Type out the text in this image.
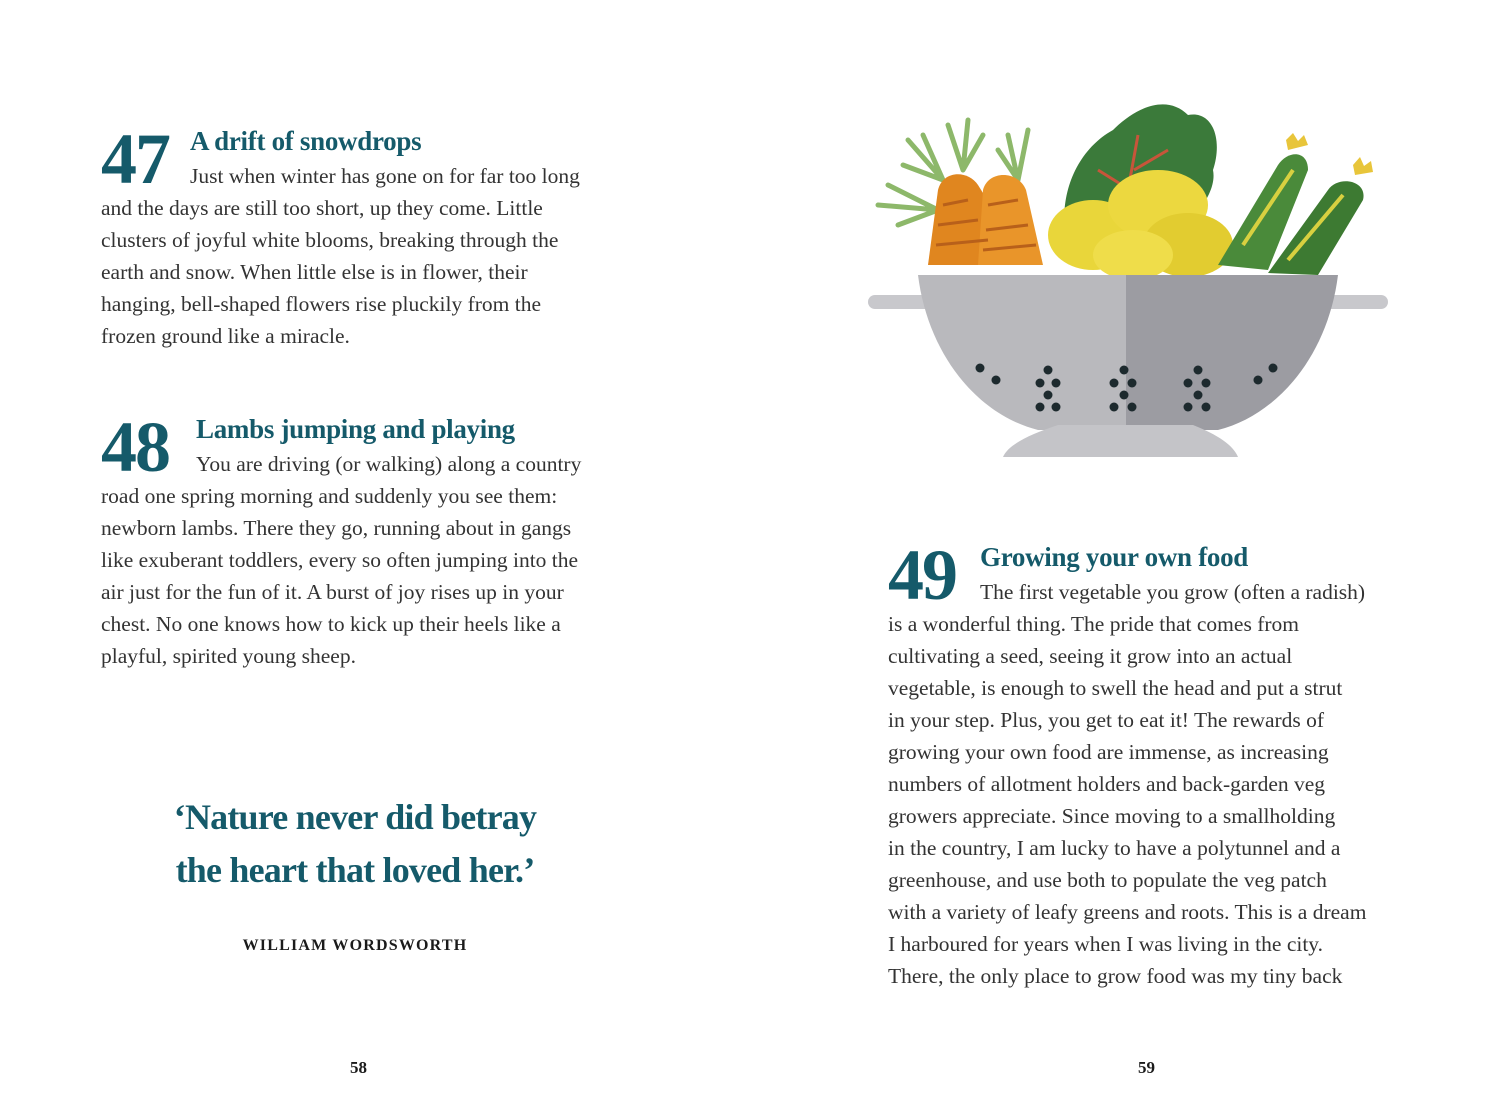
47 A drift of snowdrops
Just when winter has gone on for far too long
and the days are still too short, up they come. Little
clusters of joyful white blooms, breaking through the
earth and snow. When little else is in flower, their
hanging, bell-shaped flowers rise pluckily from the
frozen ground like a miracle.
48 Lambs jumping and playing
You are driving (or walking) along a country
road one spring morning and suddenly you see them:
newborn lambs. There they go, running about in gangs
like exuberant toddlers, every so often jumping into the
air just for the fun of it. A burst of joy rises up in your
chest. No one knows how to kick up their heels like a
playful, spirited young sheep.
‘Nature never did betray
the heart that loved her.’
WILLIAM WORDSWORTH
58
49 Growing your own food
The first vegetable you grow (often a radish)
is a wonderful thing. The pride that comes from
cultivating a seed, seeing it grow into an actual
vegetable, is enough to swell the head and put a strut
in your step. Plus, you get to eat it! The rewards of
growing your own food are immense, as increasing
numbers of allotment holders and back-garden veg
growers appreciate. Since moving to a smallholding
in the country, I am lucky to have a polytunnel and a
greenhouse, and use both to populate the veg patch
with a variety of leafy greens and roots. This is a dream
I harboured for years when I was living in the city.
There, the only place to grow food was my tiny back
59
